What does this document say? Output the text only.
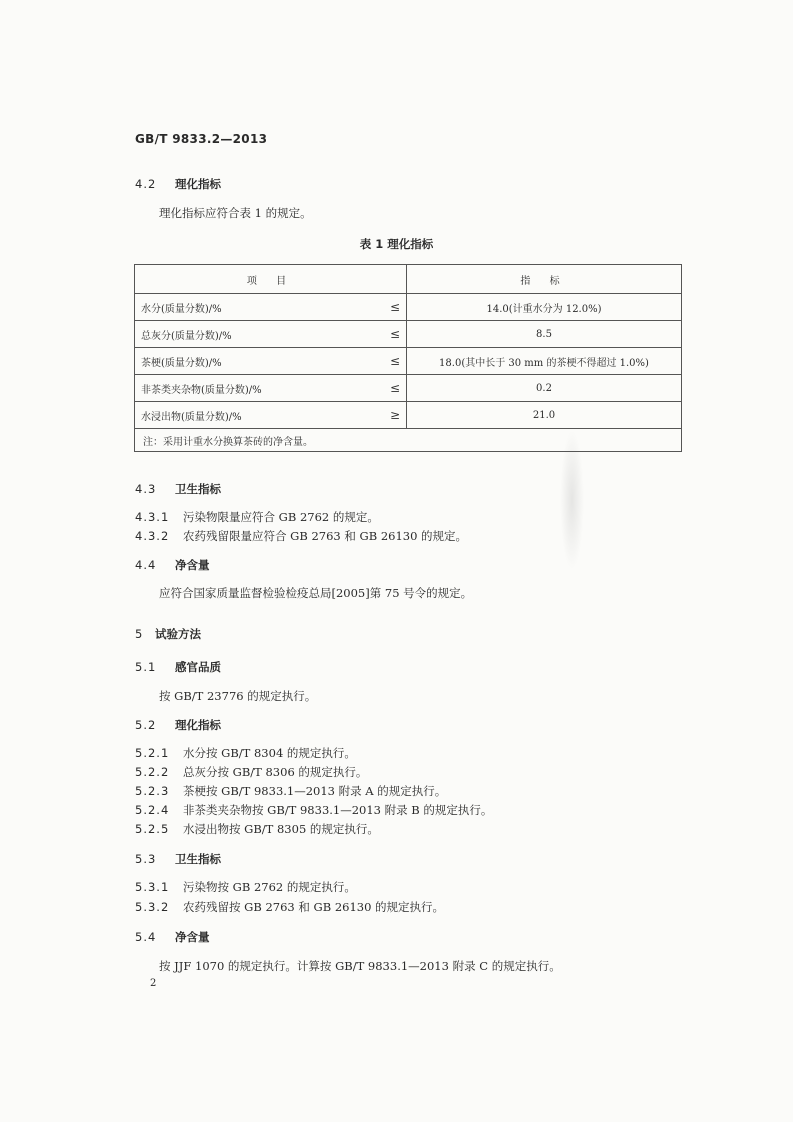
GB/T 9833.2—2013
4.2 理化指标
理化指标应符合表 1 的规定。
表 1 理化指标
项 目		指 标
水分(质量分数)/%	≤	14.0(计重水分为 12.0%)
总灰分(质量分数)/%	≤	8.5
茶梗(质量分数)/%	≤	18.0(其中长于 30 mm 的茶梗不得超过 1.0%)
非茶类夹杂物(质量分数)/%	≤	0.2
水浸出物(质量分数)/%	≥	21.0
注：采用计重水分换算茶砖的净含量。		
4.3 卫生指标
4.3.1 污染物限量应符合 GB 2762 的规定。
4.3.2 农药残留限量应符合 GB 2763 和 GB 26130 的规定。
4.4 净含量
应符合国家质量监督检验检疫总局[2005]第 75 号令的规定。
5 试验方法
5.1 感官品质
按 GB/T 23776 的规定执行。
5.2 理化指标
5.2.1 水分按 GB/T 8304 的规定执行。
5.2.2 总灰分按 GB/T 8306 的规定执行。
5.2.3 茶梗按 GB/T 9833.1—2013 附录 A 的规定执行。
5.2.4 非茶类夹杂物按 GB/T 9833.1—2013 附录 B 的规定执行。
5.2.5 水浸出物按 GB/T 8305 的规定执行。
5.3 卫生指标
5.3.1 污染物按 GB 2762 的规定执行。
5.3.2 农药残留按 GB 2763 和 GB 26130 的规定执行。
5.4 净含量
按 JJF 1070 的规定执行。计算按 GB/T 9833.1—2013 附录 C 的规定执行。
2
